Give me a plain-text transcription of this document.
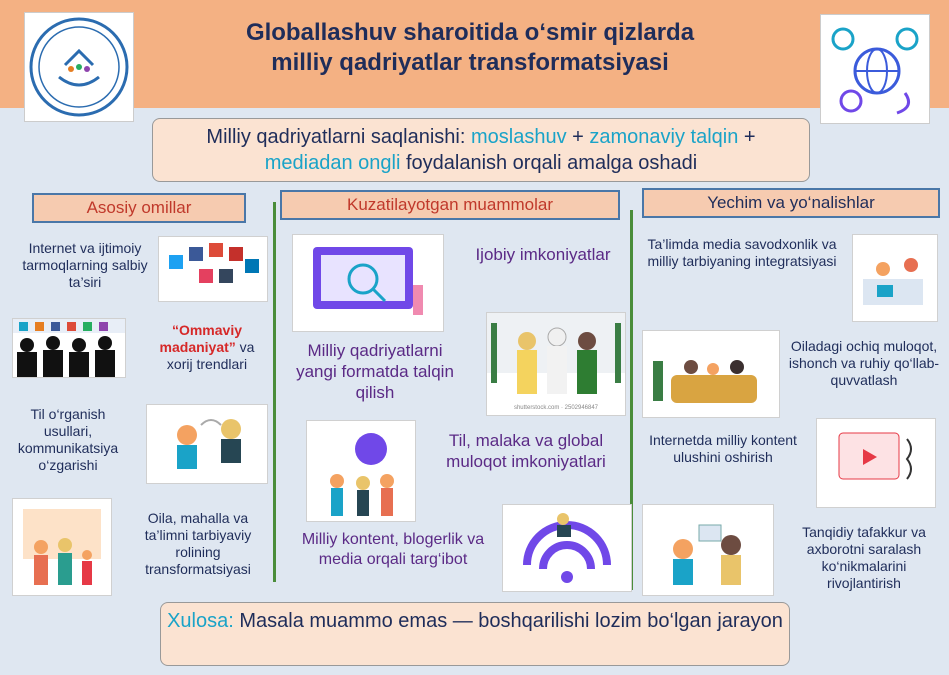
Globallashuv sharoitida o‘smir qizlarda
milliy qadriyatlar transformatsiyasi
Milliy qadriyatlarni saqlanishi: moslashuv + zamonaviy talqin +
mediadan ongli foydalanish orqali amalga oshadi
Asosiy omillar	Kuzatilayotgan muammolar	Yechim va yo‘nalishlar
Internet va ijtimoiy tarmoqlarning salbiy ta’siri
“Ommaviy madaniyat” va xorij trendlari
Til o‘rganish usullari, kommunikatsiya o‘zgarishi
Oila, mahalla va ta’limni tarbiyaviy rolining transformatsiyasi
Ijobiy imkoniyatlar
Milliy qadriyatlarni yangi formatda talqin qilish
shutterstock.com · 2502946847
Til, malaka va global muloqot imkoniyatlari
Milliy kontent, blogerlik va media orqali targ‘ibot
Ta’limda media savodxonlik va milliy tarbiyaning integratsiyasi
Oiladagi ochiq muloqot, ishonch va ruhiy qo‘llab-quvvatlash
Internetda milliy kontent ulushini oshirish
Tanqidiy tafakkur va axborotni saralash ko‘nikmalarini rivojlantirish
Xulosa: Masala muammo emas — boshqarilishi lozim bo‘lgan jarayon
